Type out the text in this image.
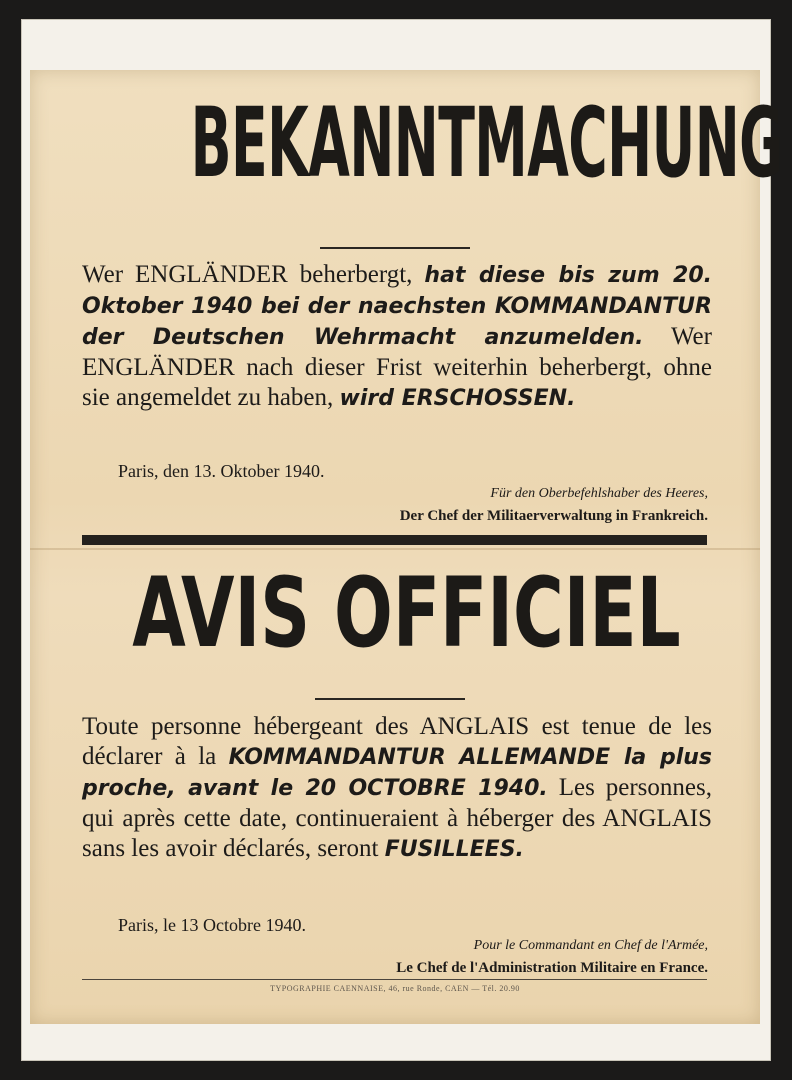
BEKANNTMACHUNG
Wer ENGLÄNDER beherbergt, hat diese bis zum 20. Oktober 1940 bei der naechsten KOMMANDANTUR der Deutschen Wehrmacht anzumelden. Wer ENGLÄNDER nach dieser Frist weiterhin beherbergt, ohne sie angemeldet zu haben, wird ERSCHOSSEN.
Paris, den 13. Oktober 1940.
Für den Oberbefehlshaber des Heeres,
Der Chef der Militaerverwaltung in Frankreich.
AVIS OFFICIEL
Toute personne hébergeant des ANGLAIS est tenue de les déclarer à la KOMMANDANTUR ALLEMANDE la plus proche, avant le 20 OCTOBRE 1940. Les personnes, qui après cette date, continueraient à héberger des ANGLAIS sans les avoir déclarés, seront FUSILLEES.
Paris, le 13 Octobre 1940.
Pour le Commandant en Chef de l'Armée,
Le Chef de l'Administration Militaire en France.
TYPOGRAPHIE CAENNAISE, 46, rue Ronde, CAEN — Tél. 20.90
